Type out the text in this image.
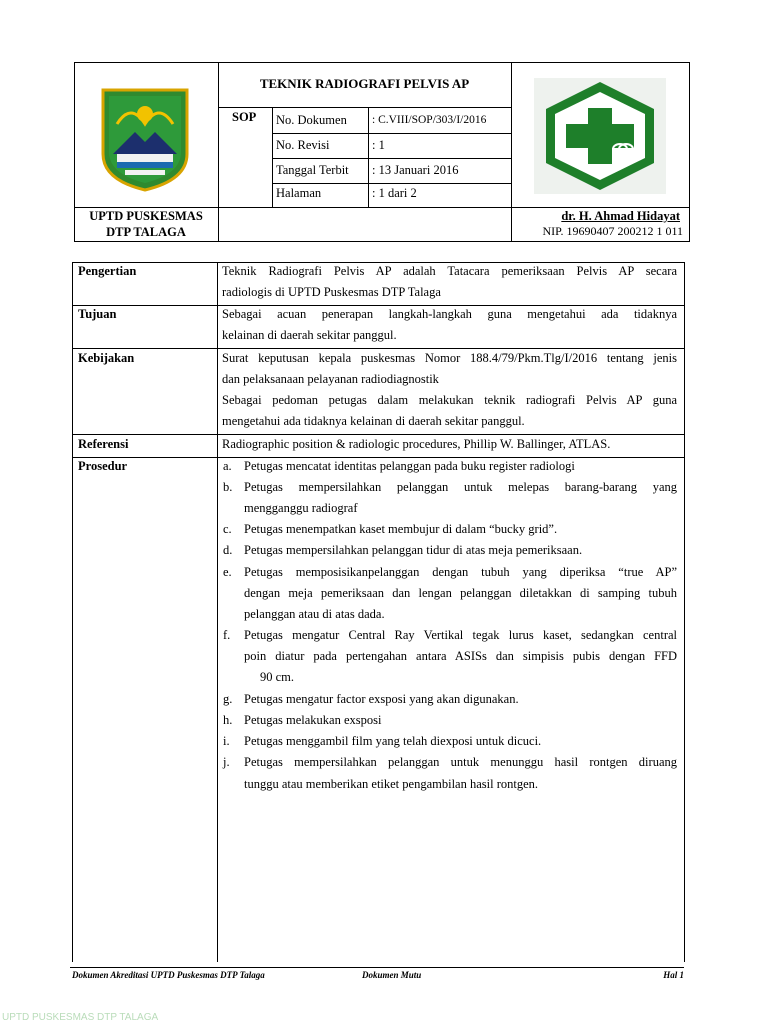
TEKNIK RADIOGRAFI PELVIS AP
SOP No. Dokumen : C.VIII/SOP/303/I/2016
No. Revisi	: 1
Tanggal Terbit : 13 Januari 2016
Halaman	: 1 dari 2
UPTD PUSKESMAS
DTP TALAGA
dr. H. Ahmad Hidayat
NIP. 19690407 200212 1 011
Pengertian	Teknik Radiografi Pelvis AP adalah Tatacara pemeriksaan Pelvis AP secara
radiologis di UPTD Puskesmas DTP Talaga
Tujuan	Sebagai acuan penerapan langkah-langkah guna mengetahui ada tidaknya
kelainan di daerah sekitar panggul.
Kebijakan	Surat keputusan kepala puskesmas Nomor 188.4/79/Pkm.Tlg/I/2016 tentang jenis
dan pelaksanaan pelayanan radiodiagnostik
Sebagai pedoman petugas dalam melakukan teknik radiografi Pelvis AP guna
mengetahui ada tidaknya kelainan di daerah sekitar panggul.
Referensi	Radiographic position & radiologic procedures, Phillip W. Ballinger, ATLAS.
Prosedur	a. Petugas mencatat identitas pelanggan pada buku register radiologi
b. Petugas mempersilahkan pelanggan untuk melepas barang-barang yang
mengganggu radiograf
c. Petugas menempatkan kaset membujur di dalam “bucky grid”.
d. Petugas mempersilahkan pelanggan tidur di atas meja pemeriksaan.
e. Petugas memposisikanpelanggan dengan tubuh yang diperiksa “true AP”
dengan meja pemeriksaan dan lengan pelanggan diletakkan di samping tubuh
pelanggan atau di atas dada.
f. Petugas mengatur Central Ray Vertikal tegak lurus kaset, sedangkan central
poin diatur pada pertengahan antara ASISs dan simpisis pubis dengan FFD
90 cm.
g. Petugas mengatur factor exsposi yang akan digunakan.
h. Petugas melakukan exsposi
i. Petugas menggambil film yang telah diexposi untuk dicuci.
j. Petugas mempersilahkan pelanggan untuk menunggu hasil rontgen diruang
tunggu atau memberikan etiket pengambilan hasil rontgen.
Dokumen Akreditasi UPTD Puskesmas DTP Talaga	Dokumen Mutu	Hal 1
UPTD PUSKESMAS DTP TALAGA
